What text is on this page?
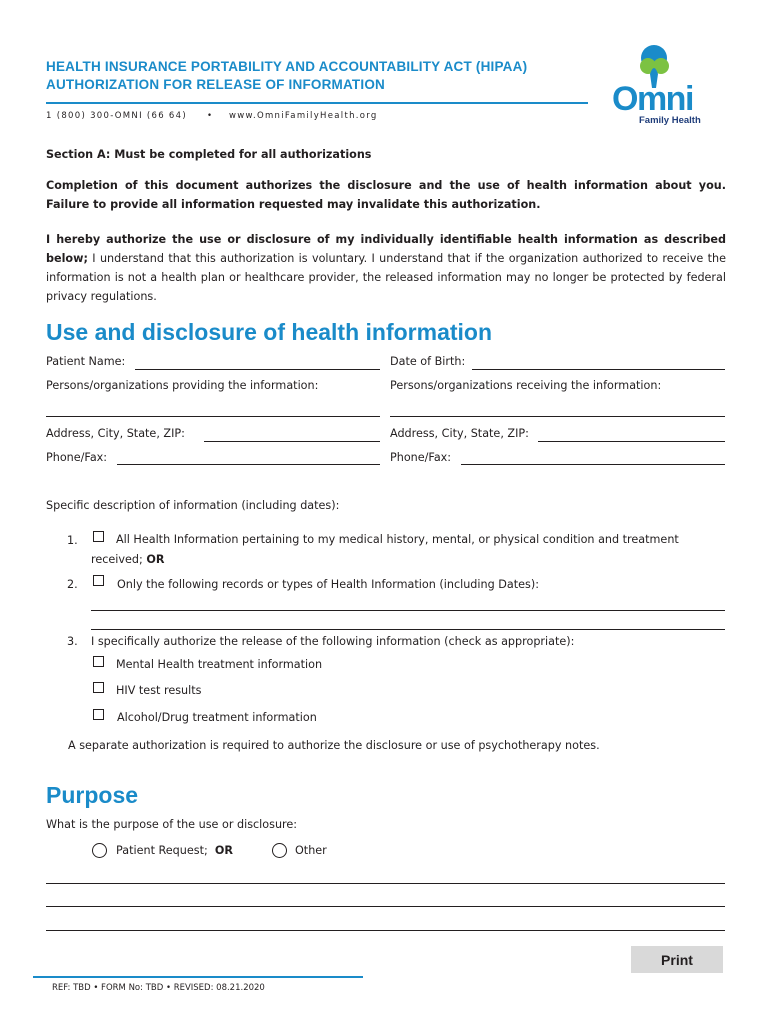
HEALTH INSURANCE PORTABILITY AND ACCOUNTABILITY ACT (HIPAA)
AUTHORIZATION FOR RELEASE OF INFORMATION
1 (800) 300-OMNI (66 64) • www.OmniFamilyHealth.org	Omni
Family Health
Section A: Must be completed for all authorizations
Completion of this document authorizes the disclosure and the use of health information about you. Failure to provide all information requested may invalidate this authorization.
I hereby authorize the use or disclosure of my individually identifiable health information as described below; I understand that this authorization is voluntary. I understand that if the organization authorized to receive the information is not a health plan or healthcare provider, the released information may no longer be protected by federal privacy regulations.
Use and disclosure of health information
Patient Name:	Date of Birth:
Persons/organizations providing the information:	Persons/organizations receiving the information:
Address, City, State, ZIP:	Address, City, State, ZIP:
Phone/Fax:	Phone/Fax:
Specific description of information (including dates):
1.	All Health Information pertaining to my medical history, mental, or physical condition and treatment
received; OR
2.	Only the following records or types of Health Information (including Dates):
3. I specifically authorize the release of the following information (check as appropriate):
Mental Health treatment information
HIV test results
Alcohol/Drug treatment information
A separate authorization is required to authorize the disclosure or use of psychotherapy notes.
Purpose
What is the purpose of the use or disclosure:
Patient Request; OR	Other
Print
REF: TBD • FORM No: TBD • REVISED: 08.21.2020
